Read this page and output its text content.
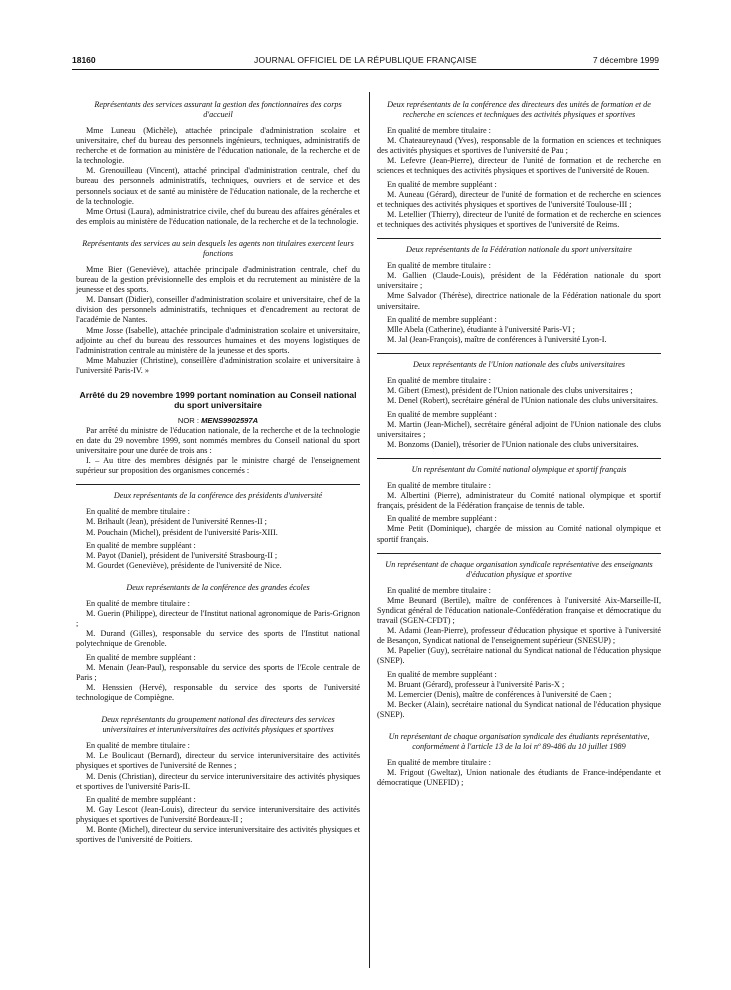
18160	JOURNAL OFFICIEL DE LA RÉPUBLIQUE FRANÇAISE	7 décembre 1999
Représentants des services assurant la gestion des fonctionnaires des corps d'accueil

Mme Luneau (Michèle), attachée principale d'administration scolaire et universitaire, chef du bureau des personnels ingénieurs, techniques, administratifs de recherche et de formation au ministère de l'éducation nationale, de la recherche et de la technologie.

M. Grenouilleau (Vincent), attaché principal d'administration centrale, chef du bureau des personnels administratifs, techniques, ouvriers et de service et des personnels sociaux et de santé au ministère de l'éducation nationale, de la recherche et de la technologie.

Mme Ortusi (Laura), administratrice civile, chef du bureau des affaires générales et des emplois au ministère de l'éducation nationale, de la recherche et de la technologie.

Représentants des services au sein desquels les agents non titulaires exercent leurs fonctions

Mme Bier (Geneviève), attachée principale d'administration centrale, chef du bureau de la gestion prévisionnelle des emplois et du recrutement au ministère de la jeunesse et des sports.

M. Dansart (Didier), conseiller d'administration scolaire et universitaire, chef de la division des personnels administratifs, techniques et d'encadrement au rectorat de l'académie de Nantes.

Mme Josse (Isabelle), attachée principale d'administration scolaire et universitaire, adjointe au chef du bureau des ressources humaines et des moyens logistiques de l'administration centrale au ministère de la jeunesse et des sports.

Mme Mahuzier (Christine), conseillère d'administration scolaire et universitaire à l'université Paris-IV. »

Arrêté du 29 novembre 1999 portant nomination au Conseil national du sport universitaire
NOR : MENS9902597A

Par arrêté du ministre de l'éducation nationale, de la recherche et de la technologie en date du 29 novembre 1999, sont nommés membres du Conseil national du sport universitaire pour une durée de trois ans :

I. – Au titre des membres désignés par le ministre chargé de l'enseignement supérieur sur proposition des organismes concernés :

Deux représentants de la conférence des présidents d'université

En qualité de membre titulaire :

M. Brihault (Jean), président de l'université Rennes-II ;

M. Pouchain (Michel), président de l'université Paris-XIII.

En qualité de membre suppléant :

M. Payot (Daniel), président de l'université Strasbourg-II ;

M. Gourdet (Geneviève), présidente de l'université de Nice.

Deux représentants de la conférence des grandes écoles

En qualité de membre titulaire :

M. Guerin (Philippe), directeur de l'Institut national agronomique de Paris-Grignon ;

M. Durand (Gilles), responsable du service des sports de l'Institut national polytechnique de Grenoble.

En qualité de membre suppléant :

M. Menain (Jean-Paul), responsable du service des sports de l'Ecole centrale de Paris ;

M. Henssien (Hervé), responsable du service des sports de l'université technologique de Compiègne.

Deux représentants du groupement national des directeurs des services universitaires et interuniversitaires des activités physiques et sportives

En qualité de membre titulaire :

M. Le Boulicaut (Bernard), directeur du service interuniversitaire des activités physiques et sportives de l'université de Rennes ;

M. Denis (Christian), directeur du service interuniversitaire des activités physiques et sportives de l'université Paris-II.

En qualité de membre suppléant :

M. Gay Lescot (Jean-Louis), directeur du service interuniversitaire des activités physiques et sportives de l'université Bordeaux-II ;

M. Bonte (Michel), directeur du service interuniversitaire des activités physiques et sportives de l'université de Poitiers.

Deux représentants de la conférence des directeurs des unités de formation et de recherche en sciences et techniques des activités physiques et sportives

En qualité de membre titulaire :

M. Chateaureynaud (Yves), responsable de la formation en sciences et techniques des activités physiques et sportives de l'université de Pau ;

M. Lefevre (Jean-Pierre), directeur de l'unité de formation et de recherche en sciences et techniques des activités physiques et sportives de l'université de Rouen.

En qualité de membre suppléant :

M. Auneau (Gérard), directeur de l'unité de formation et de recherche en sciences et techniques des activités physiques et sportives de l'université Toulouse-III ;

M. Letellier (Thierry), directeur de l'unité de formation et de recherche en sciences et techniques des activités physiques et sportives de l'université de Reims.

Deux représentants de la Fédération nationale du sport universitaire

En qualité de membre titulaire :

M. Gallien (Claude-Louis), président de la Fédération nationale du sport universitaire ;

Mme Salvador (Thérèse), directrice nationale de la Fédération nationale du sport universitaire.

En qualité de membre suppléant :

Mlle Abela (Catherine), étudiante à l'université Paris-VI ;

M. Jal (Jean-François), maître de conférences à l'université Lyon-I.

Deux représentants de l'Union nationale des clubs universitaires

En qualité de membre titulaire :

M. Gibert (Ernest), président de l'Union nationale des clubs universitaires ;

M. Denel (Robert), secrétaire général de l'Union nationale des clubs universitaires.

En qualité de membre suppléant :

M. Martin (Jean-Michel), secrétaire général adjoint de l'Union nationale des clubs universitaires ;

M. Bonzoms (Daniel), trésorier de l'Union nationale des clubs universitaires.

Un représentant du Comité national olympique et sportif français

En qualité de membre titulaire :

M. Albertini (Pierre), administrateur du Comité national olympique et sportif français, président de la Fédération française de tennis de table.

En qualité de membre suppléant :

Mme Petit (Dominique), chargée de mission au Comité national olympique et sportif français.

Un représentant de chaque organisation syndicale représentative des enseignants d'éducation physique et sportive

En qualité de membre titulaire :

Mme Beunard (Bertile), maître de conférences à l'université Aix-Marseille-II, Syndicat général de l'éducation nationale-Confédération française et démocratique du travail (SGEN-CFDT) ;

M. Adami (Jean-Pierre), professeur d'éducation physique et sportive à l'université de Besançon, Syndicat national de l'enseignement supérieur (SNESUP) ;

M. Papelier (Guy), secrétaire national du Syndicat national de l'éducation physique (SNEP).

En qualité de membre suppléant :

M. Bruant (Gérard), professeur à l'université Paris-X ;

M. Lemercier (Denis), maître de conférences à l'université de Caen ;

M. Becker (Alain), secrétaire national du Syndicat national de l'éducation physique (SNEP).

Un représentant de chaque organisation syndicale des étudiants représentative, conformément à l'article 13 de la loi nº 89-486 du 10 juillet 1989

En qualité de membre titulaire :

M. Frigout (Gweltaz), Union nationale des étudiants de France-indépendante et démocratique (UNEFID) ;
